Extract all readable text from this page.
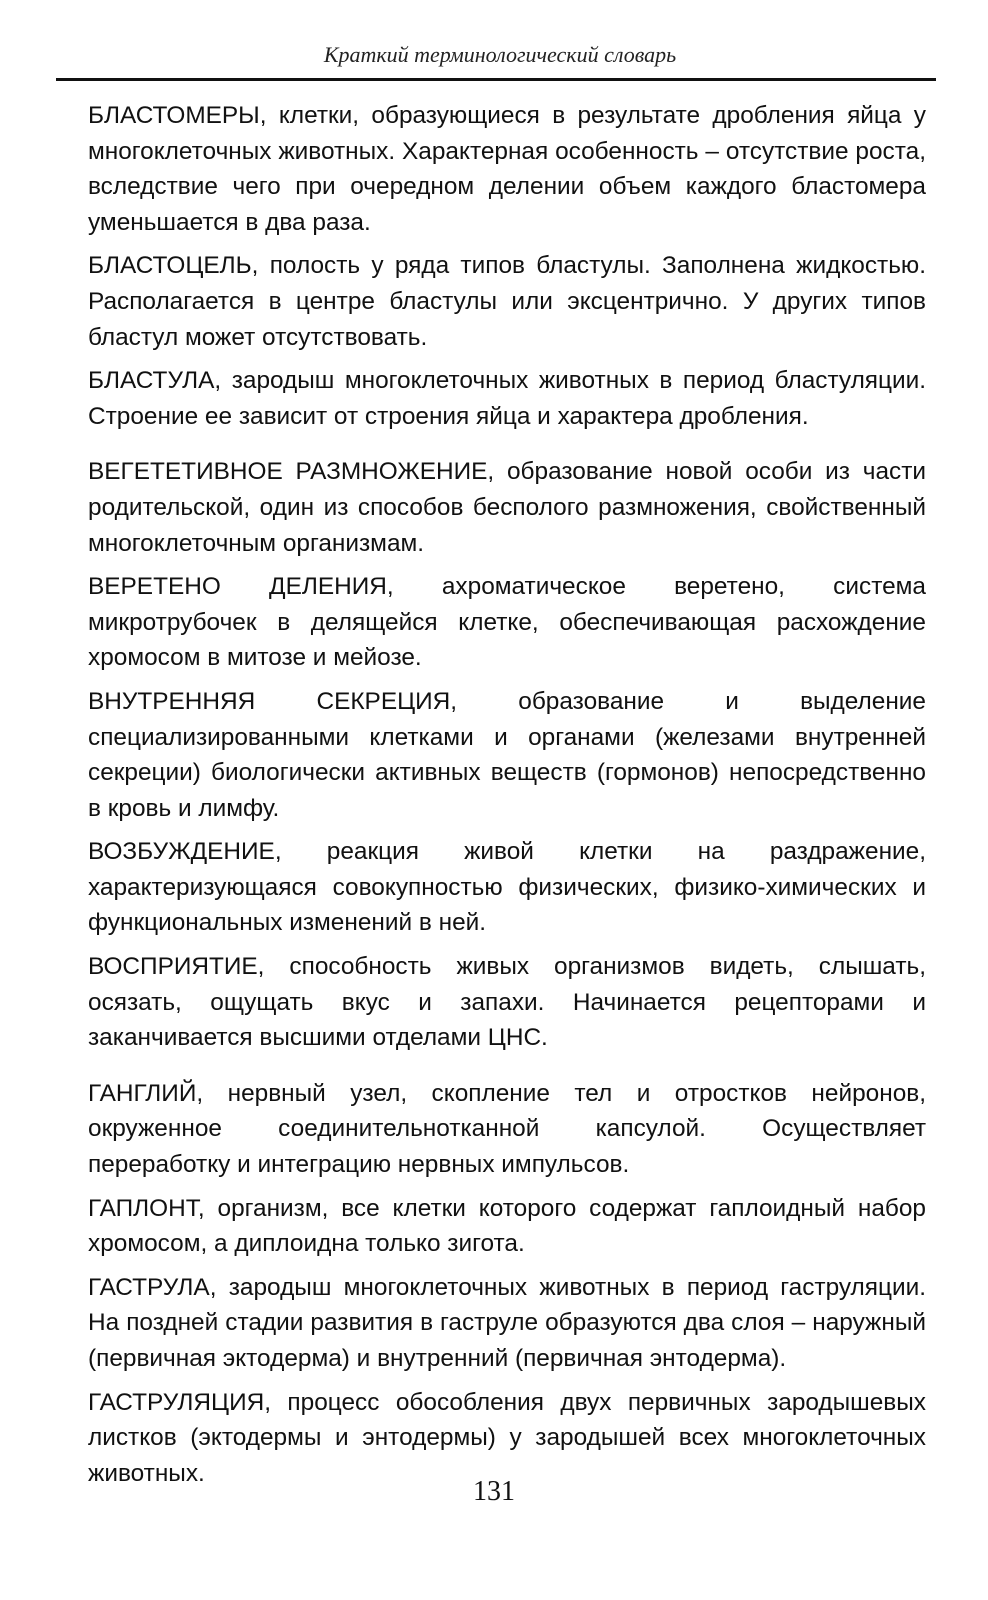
Краткий терминологический словарь

БЛАСТОМЕРЫ, клетки, образующиеся в результате дробления яйца у многоклеточных животных. Характерная особенность – отсутствие роста, вследствие чего при очередном делении объем каждого бластомера уменьшается в два раза.

БЛАСТОЦЕЛЬ, полость у ряда типов бластулы. Заполнена жидкостью. Располагается в центре бластулы или эксцентрично. У других типов бластул может отсутствовать.

БЛАСТУЛА, зародыш многоклеточных животных в период бластуляции. Строение ее зависит от строения яйца и характера дробления.

ВЕГЕТЕТИВНОЕ РАЗМНОЖЕНИЕ, образование новой особи из части родительской, один из способов бесполого размножения, свойственный многоклеточным организмам.

ВЕРЕТЕНО ДЕЛЕНИЯ, ахроматическое веретено, система микротрубочек в делящейся клетке, обеспечивающая расхождение хромосом в митозе и мейозе.

ВНУТРЕННЯЯ СЕКРЕЦИЯ, образование и выделение специализированными клетками и органами (железами внутренней секреции) биологически активных веществ (гормонов) непосредственно в кровь и лимфу.

ВОЗБУЖДЕНИЕ, реакция живой клетки на раздражение, характеризующаяся совокупностью физических, физико-химических и функциональных изменений в ней.

ВОСПРИЯТИЕ, способность живых организмов видеть, слышать, осязать, ощущать вкус и запахи. Начинается рецепторами и заканчивается высшими отделами ЦНС.

ГАНГЛИЙ, нервный узел, скопление тел и отростков нейронов, окруженное соединительнотканной капсулой. Осуществляет переработку и интеграцию нервных импульсов.

ГАПЛОНТ, организм, все клетки которого содержат гаплоидный набор хромосом, а диплоидна только зигота.

ГАСТРУЛА, зародыш многоклеточных животных в период гаструляции. На поздней стадии развития в гаструле образуются два слоя – наружный (первичная эктодерма) и внутренний (первичная энтодерма).

ГАСТРУЛЯЦИЯ, процесс обособления двух первичных зародышевых листков (эктодермы и энтодермы) у зародышей всех многоклеточных животных.

131
